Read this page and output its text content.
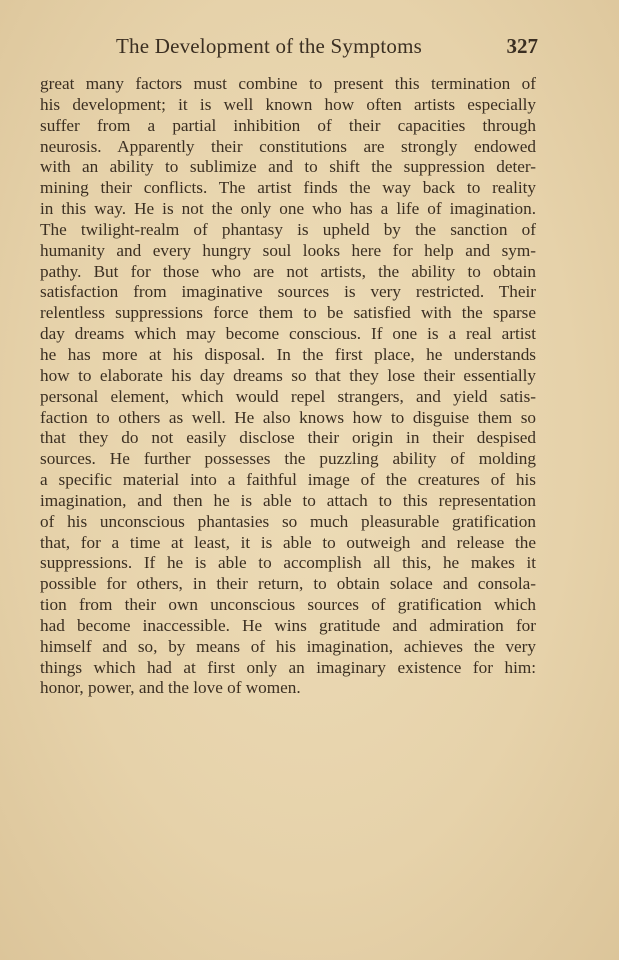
The Development of the Symptoms	327
great many factors must combine to present this termination of
his development; it is well known how often artists especially
suffer from a partial inhibition of their capacities through
neurosis. Apparently their constitutions are strongly endowed
with an ability to sublimize and to shift the suppression deter-
mining their conflicts. The artist finds the way back to reality
in this way. He is not the only one who has a life of imagination.
The twilight-realm of phantasy is upheld by the sanction of
humanity and every hungry soul looks here for help and sym-
pathy. But for those who are not artists, the ability to obtain
satisfaction from imaginative sources is very restricted. Their
relentless suppressions force them to be satisfied with the sparse
day dreams which may become conscious. If one is a real artist
he has more at his disposal. In the first place, he understands
how to elaborate his day dreams so that they lose their essentially
personal element, which would repel strangers, and yield satis-
faction to others as well. He also knows how to disguise them so
that they do not easily disclose their origin in their despised
sources. He further possesses the puzzling ability of molding
a specific material into a faithful image of the creatures of his
imagination, and then he is able to attach to this representation
of his unconscious phantasies so much pleasurable gratification
that, for a time at least, it is able to outweigh and release the
suppressions. If he is able to accomplish all this, he makes it
possible for others, in their return, to obtain solace and consola-
tion from their own unconscious sources of gratification which
had become inaccessible. He wins gratitude and admiration for
himself and so, by means of his imagination, achieves the very
things which had at first only an imaginary existence for him:
honor, power, and the love of women.
